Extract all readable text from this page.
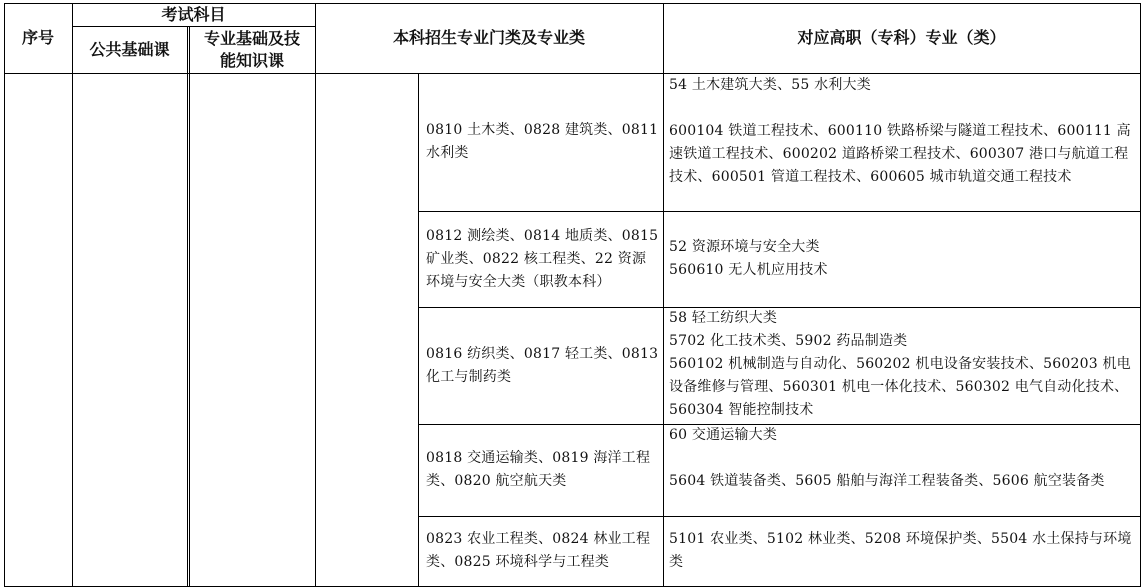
序号
考试科目
公共基础课
专业基础及技能知识课
本科招生专业门类及专业类	对应高职（专科）专业（类）
0810 土木类、0828 建筑类、0811 水利类
54 土木建筑大类、55 水利大类
600104 铁道工程技术、600110 铁路桥梁与隧道工程技术、600111 高速铁道工程技术、600202 道路桥梁工程技术、600307 港口与航道工程技术、600501 管道工程技术、600605 城市轨道交通工程技术
0812 测绘类、0814 地质类、0815 矿业类、0822 核工程类、22 资源环境与安全大类（职教本科）
52 资源环境与安全大类
560610 无人机应用技术
0816 纺织类、0817 轻工类、0813 化工与制药类
58 轻工纺织大类
5702 化工技术类、5902 药品制造类
560102 机械制造与自动化、560202 机电设备安装技术、560203 机电设备维修与管理、560301 机电一体化技术、560302 电气自动化技术、560304 智能控制技术
0818 交通运输类、0819 海洋工程类、0820 航空航天类
60 交通运输大类
5604 铁道装备类、5605 船舶与海洋工程装备类、5606 航空装备类
0823 农业工程类、0824 林业工程类、0825 环境科学与工程类
5101 农业类、5102 林业类、5208 环境保护类、5504 水土保持与环境类
